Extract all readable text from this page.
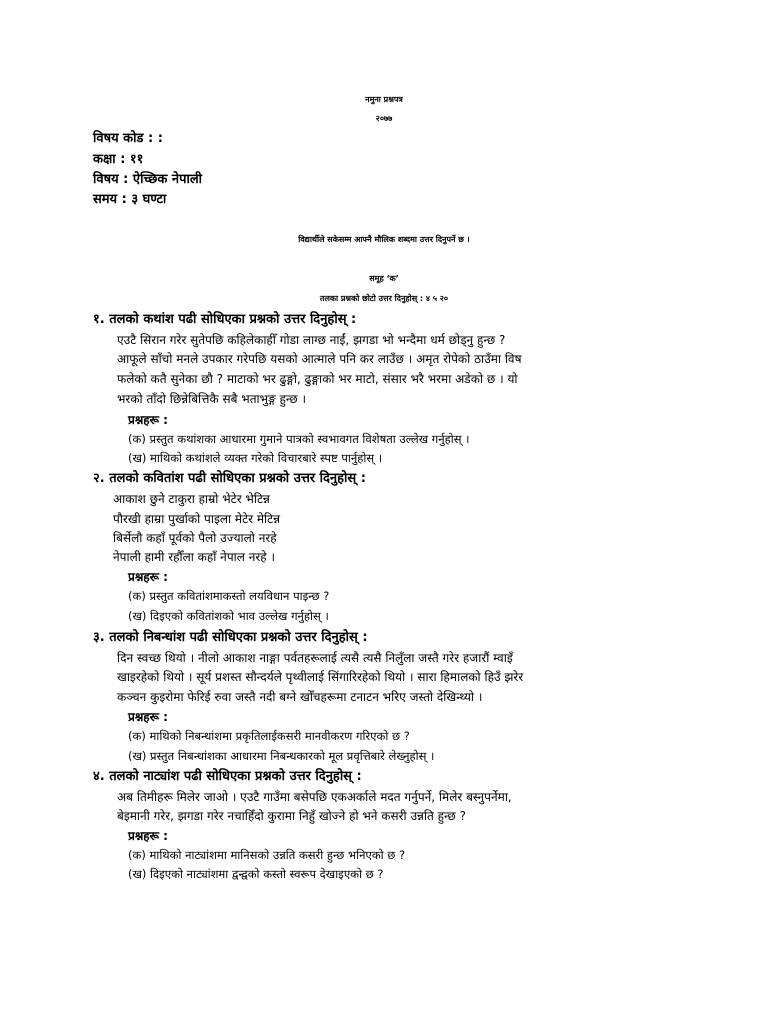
नमुना प्रश्नपत्र
२०७७
विषय कोड : :
कक्षा : ११
विषय : ऐच्छिक नेपाली
समय : ३ घण्टा
विद्यार्थीले सकेसम्म आफ्नै मौलिक शब्दमा उत्तर दिनुपर्ने छ ।
समूह ‘क’
तलका प्रश्नको छोटो उत्तर दिनुहोस् : ४ ५ २०
१. तलको कथांश पढी सोधिएका प्रश्नको उत्तर दिनुहोस् :
एउटै सिरान गरेर सुतेपछि कहिलेकाहीँ गोडा लाग्छ नाईं, झगडा भो भन्दैमा धर्म छोड्नु हुन्छ ?
आफूले साँचो मनले उपकार गरेपछि यसको आत्माले पनि कर लाउँछ । अमृत रोपेको ठाउँमा विष
फलेको कतै सुनेका छौ ? माटाको भर ढुङ्गो, ढुङ्गाको भर माटो, संसार भरै भरमा अडेको छ । यो
भरको ताँदो छिन्नेबित्तिकै सबै भताभुङ्ग हुन्छ ।
प्रश्नहरू :
(क) प्रस्तुत कथांशका आधारमा गुमाने पात्रको स्वभावगत विशेषता उल्लेख गर्नुहोस् ।
(ख) माथिको कथांशले व्यक्त गरेको विचारबारे स्पष्ट पार्नुहोस् ।
२. तलको कवितांश पढी सोधिएका प्रश्नको उत्तर दिनुहोस् :
आकाश छुने टाकुरा हाम्रो भेटेर भेटिन्न
पौरखी हाम्रा पुर्खाको पाइला मेटेर मेटिन्न
बिर्सेलौ कहाँ पूर्वको पैलो उज्यालो नरहे
नेपाली हामी रहौँला कहाँ नेपाल नरहे ।
प्रश्नहरू :
(क) प्रस्तुत कवितांशमाकस्तो लयविधान पाइन्छ ?
(ख) दिइएको कवितांशको भाव उल्लेख गर्नुहोस् ।
३. तलको निबन्धांश पढी सोधिएका प्रश्नको उत्तर दिनुहोस् :
दिन स्वच्छ थियो । नीलो आकाश नाङ्गा पर्वतहरूलाई त्यसै त्यसै निलुँला जस्तै गरेर हजारौं म्वाइँ
खाइरहेको थियो । सूर्य प्रशस्त सौन्दर्यले पृथ्वीलाई सिंगारिरहेको थियो । सारा हिमालको हिउँ झरेर
कञ्चन कुइरोमा फेरिई रुवा जस्तै नदी बग्ने खोँचहरूमा टनाटन भरिए जस्तो देखिन्थ्यो ।
प्रश्नहरू :
(क) माथिको निबन्धांशमा प्रकृतिलाईकसरी मानवीकरण गरिएको छ ?
(ख) प्रस्तुत निबन्धांशका आधारमा निबन्धकारको मूल प्रवृत्तिबारे लेख्नुहोस् ।
४. तलको नाट्यांश पढी सोधिएका प्रश्नको उत्तर दिनुहोस् :
अब तिमीहरू मिलेर जाओ । एउटै गाउँमा बसेपछि एकअर्काले मदत गर्नुपर्ने, मिलेर बस्नुपर्नेमा,
बेइमानी गरेर, झगडा गरेर नचाहिँदो कुरामा निहुँ खोज्ने हो भने कसरी उन्नति हुन्छ ?
प्रश्नहरू :
(क) माथिको नाट्यांशमा मानिसको उन्नति कसरी हुन्छ भनिएको छ ?
(ख) दिइएको नाट्यांशमा द्वन्द्वको कस्तो स्वरूप देखाइएको छ ?
